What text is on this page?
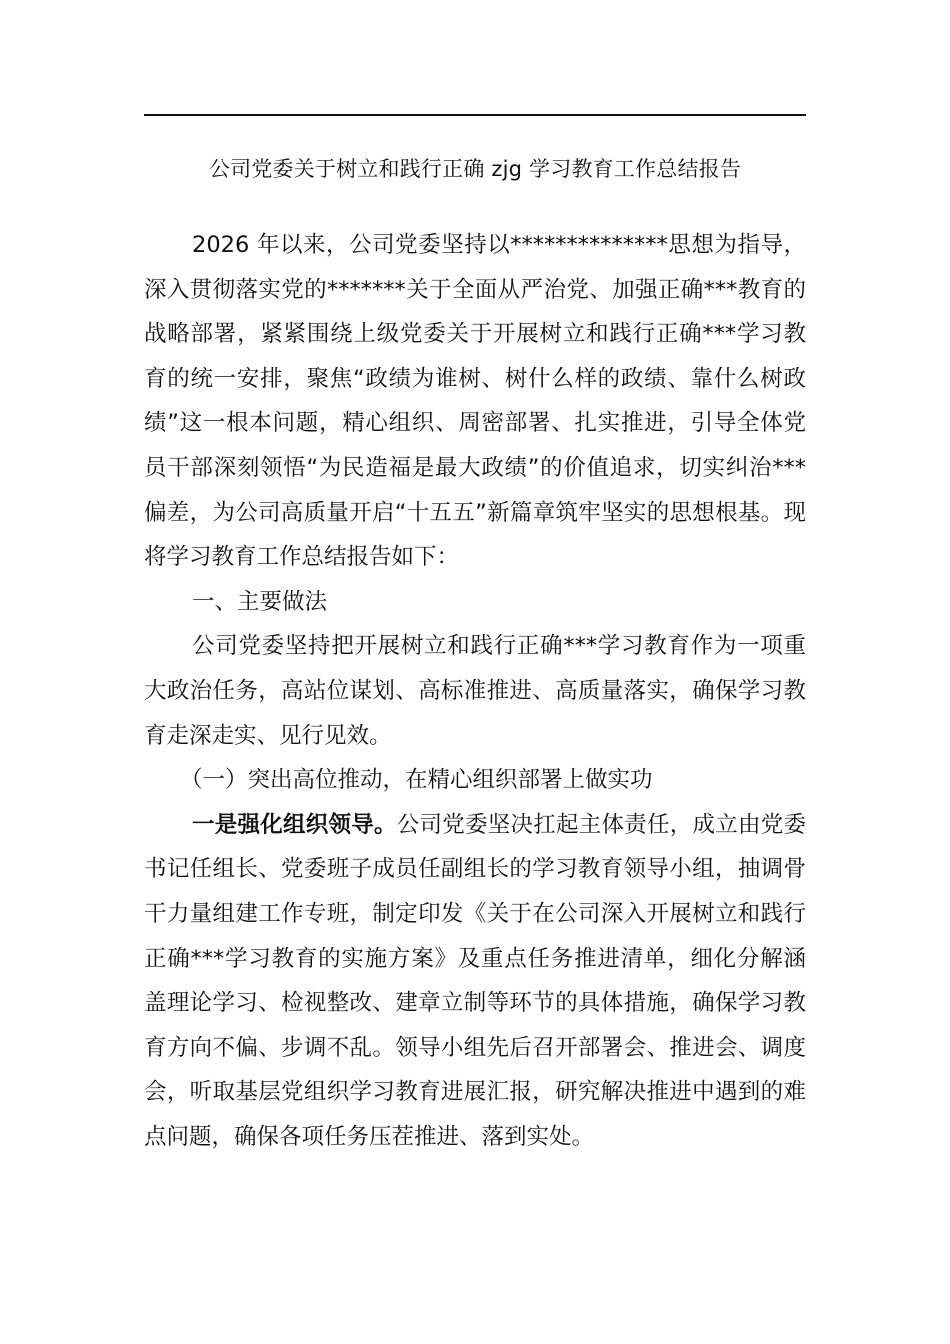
公司党委关于树立和践行正确 zjg 学习教育工作总结报告

2026 年以来，公司党委坚持以**************思想为指导，深入贯彻落实党的*******关于全面从严治党、加强正确***教育的战略部署，紧紧围绕上级党委关于开展树立和践行正确***学习教育的统一安排，聚焦“政绩为谁树、树什么样的政绩、靠什么树政绩”这一根本问题，精心组织、周密部署、扎实推进，引导全体党员干部深刻领悟“为民造福是最大政绩”的价值追求，切实纠治***偏差，为公司高质量开启“十五五”新篇章筑牢坚实的思想根基。现将学习教育工作总结报告如下：

一、主要做法

公司党委坚持把开展树立和践行正确***学习教育作为一项重大政治任务，高站位谋划、高标准推进、高质量落实，确保学习教育走深走实、见行见效。

（一）突出高位推动，在精心组织部署上做实功

一是强化组织领导。公司党委坚决扛起主体责任，成立由党委书记任组长、党委班子成员任副组长的学习教育领导小组，抽调骨干力量组建工作专班，制定印发《关于在公司深入开展树立和践行正确***学习教育的实施方案》及重点任务推进清单，细化分解涵盖理论学习、检视整改、建章立制等环节的具体措施，确保学习教育方向不偏、步调不乱。领导小组先后召开部署会、推进会、调度会，听取基层党组织学习教育进展汇报，研究解决推进中遇到的难点问题，确保各项任务压茬推进、落到实处。
